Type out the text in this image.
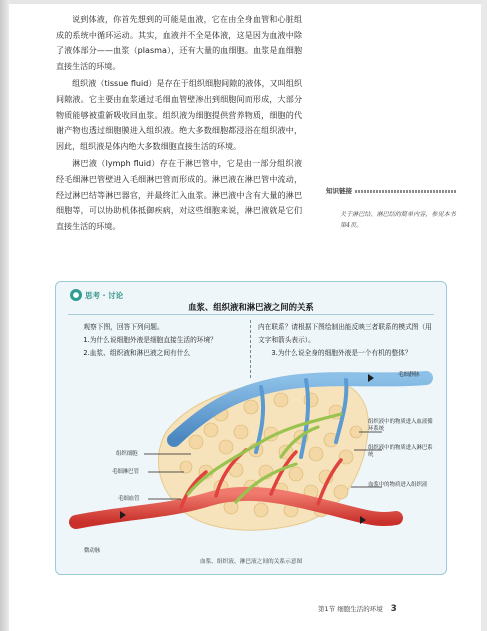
说到体液，你首先想到的可能是血液，它在由全身血管和心脏组成的系统中循环运动。其实，血液并不全是体液，这是因为血液中除了液体部分——血浆（plasma），还有大量的血细胞。血浆是血细胞直接生活的环境。

组织液（tissue fluid）是存在于组织细胞间隙的液体，又叫组织间隙液。它主要由血浆通过毛细血管壁渗出到细胞间而形成，大部分物质能够被重新吸收回血浆。组织液为细胞提供营养物质，细胞的代谢产物也透过细胞膜进入组织液。绝大多数细胞都浸浴在组织液中，因此，组织液是体内绝大多数细胞直接生活的环境。

淋巴液（lymph fluid）存在于淋巴管中，它是由一部分组织液经毛细淋巴管壁进入毛细淋巴管而形成的。淋巴液在淋巴管中流动，经过淋巴结等淋巴器官，并最终汇入血浆。淋巴液中含有大量的淋巴细胞等，可以协助机体抵御疾病，对这些细胞来说，淋巴液就是它们直接生活的环境。

知识链接
关于淋巴结、淋巴结的简单内容，参见本书第4页。
● 思考 · 讨论
血浆、组织液和淋巴液之间的关系
观察下图，回答下列问题。
1.为什么说细胞外液是细胞直接生活的环境？
2.血浆、组织液和淋巴液之间有什么
内在联系？请根据下图绘制出能反映三者联系的模式图（用文字和箭头表示）。
3.为什么说全身的细胞外液是一个有机的整体？
毛细静脉
组织细胞
毛细淋巴管
毛细血管
微动脉
组织液中的物质进入血液循环系统
组织液中的物质进入淋巴系统
血浆中的物质进入组织液
血浆、组织液、淋巴液之间的关系示意图
第1节 细胞生活的环境 3
